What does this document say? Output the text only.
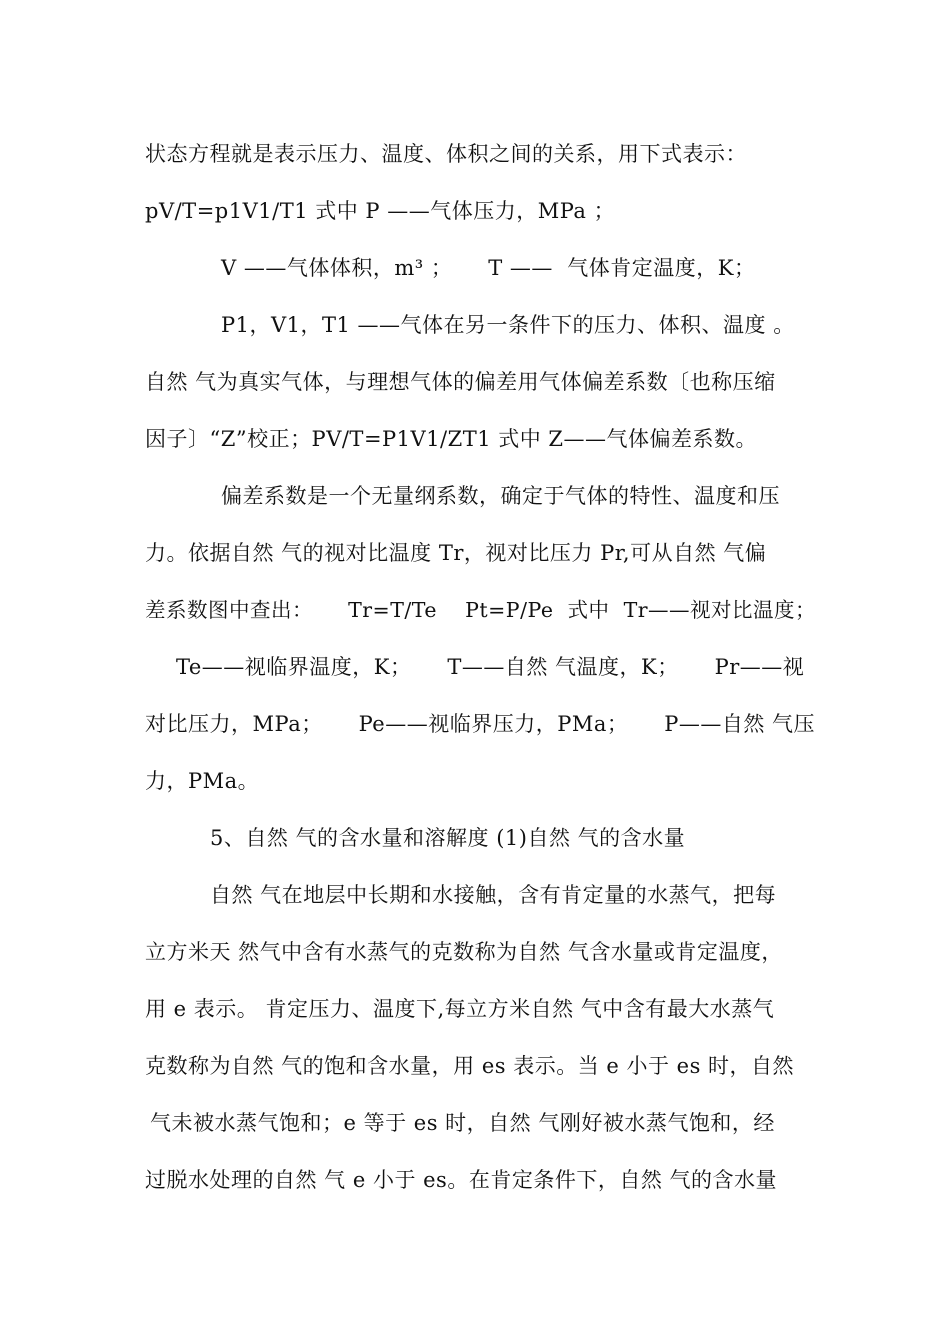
状态方程就是表示压力、温度、体积之间的关系，用下式表示：
pV/T=p1V1/T1 式中 P ——气体压力，MPa ；
V ——气体体积，m³ ；     T ——  气体肯定温度，K；
P1，V1，T1 ——气体在另一条件下的压力、体积、温度 。
自然 气为真实气体，与理想气体的偏差用气体偏差系数〔也称压缩
因子〕“Z”校正；PV/T=P1V1/ZT1 式中 Z——气体偏差系数。
偏差系数是一个无量纲系数，确定于气体的特性、温度和压
力。依据自然 气的视对比温度 Tr，视对比压力 Pr,可从自然 气偏
差系数图中查出：     Tr=T/Te    Pt=P/Pe  式中  Tr——视对比温度；
Te——视临界温度，K；     T——自然 气温度，K；     Pr——视
对比压力，MPa；     Pe——视临界压力，PMa；     P——自然 气压
力，PMa。
5、自然 气的含水量和溶解度 (1)自然 气的含水量
自然 气在地层中长期和水接触，含有肯定量的水蒸气，把每
立方米天 然气中含有水蒸气的克数称为自然 气含水量或肯定温度，
用 e 表示。 肯定压力、温度下,每立方米自然 气中含有最大水蒸气
克数称为自然 气的饱和含水量，用 es 表示。当 e 小于 es 时，自然
气未被水蒸气饱和；e 等于 es 时，自然 气刚好被水蒸气饱和，经
过脱水处理的自然 气 e 小于 es。在肯定条件下，自然 气的含水量
